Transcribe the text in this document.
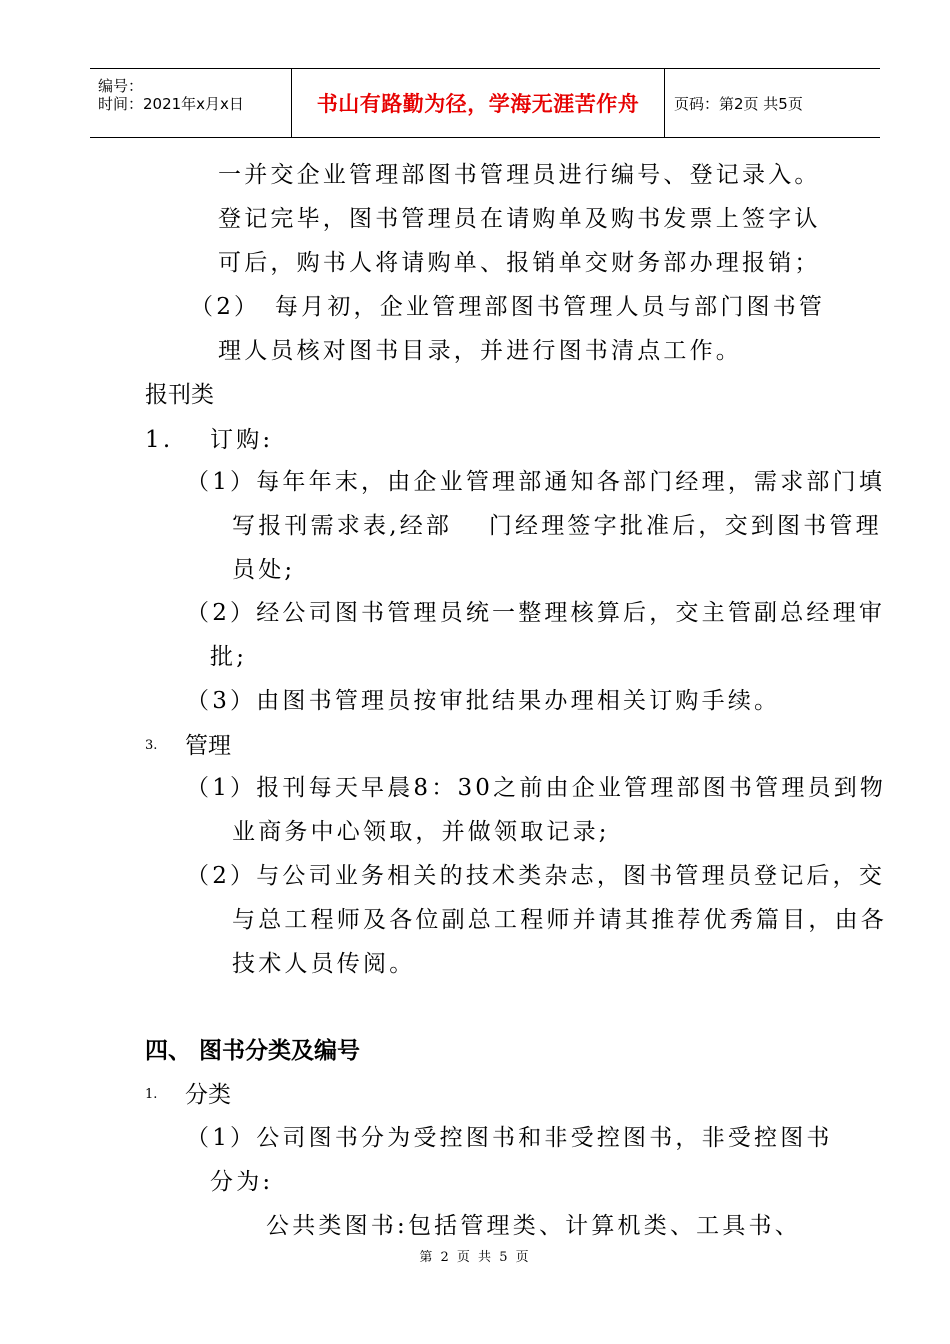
编号：
时间：2021年x月x日	书山有路勤为径，学海无涯苦作舟 页码：第2页 共5页
一并交企业管理部图书管理员进行编号、登记录入。
登记完毕，图书管理员在请购单及购书发票上签字认
可后，购书人将请购单、报销单交财务部办理报销；
（2）　每月初，企业管理部图书管理人员与部门图书管
理人员核对图书目录，并进行图书清点工作。
报刊类
1. 订购:
（1）每年年末，由企业管理部通知各部门经理，需求部门填
写报刊需求表,经部　 门经理签字批准后，交到图书管理
员处;
（2）经公司图书管理员统一整理核算后，交主管副总经理审
批;
（3）由图书管理员按审批结果办理相关订购手续。
3. 管理
（1）报刊每天早晨8：30之前由企业管理部图书管理员到物
业商务中心领取，并做领取记录;
（2）与公司业务相关的技术类杂志，图书管理员登记后，交
与总工程师及各位副总工程师并请其推荐优秀篇目，由各
技术人员传阅。
四、 图书分类及编号
1. 分类
（1）公司图书分为受控图书和非受控图书，非受控图书
分为:
公共类图书:包括管理类、计算机类、工具书、
第 2 页 共 5 页
